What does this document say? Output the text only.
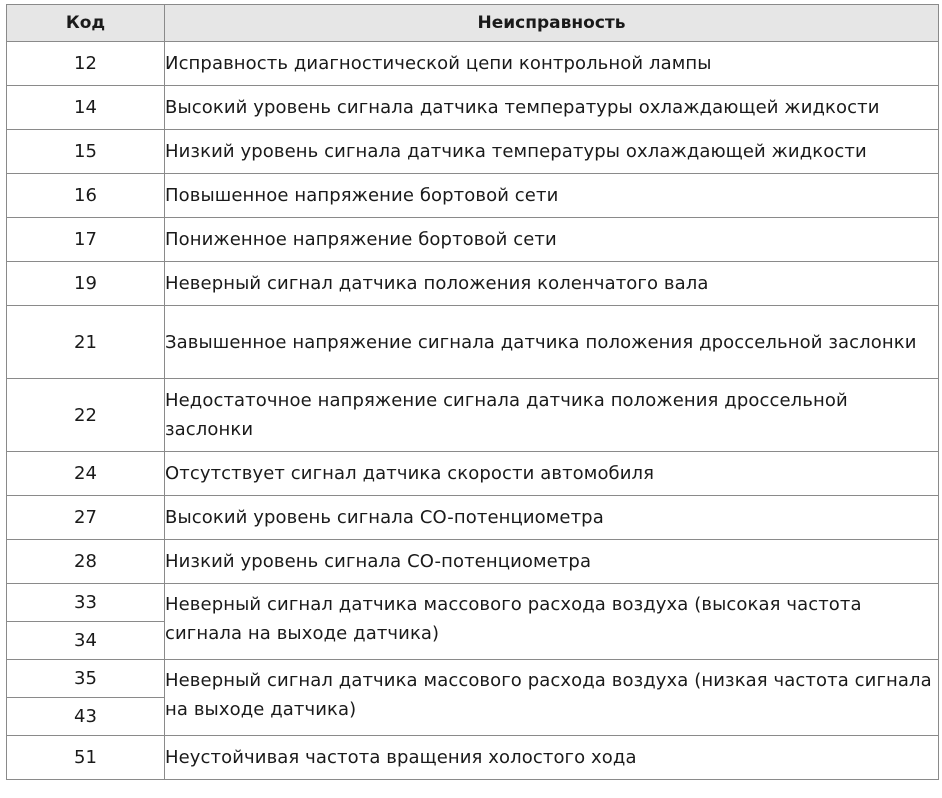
Код	Неисправность
12	Исправность диагностической цепи контрольной лампы
14	Высокий уровень сигнала датчика температуры охлаждающей жидкости
15	Низкий уровень сигнала датчика температуры охлаждающей жидкости
16	Повышенное напряжение бортовой сети
17	Пониженное напряжение бортовой сети
19	Неверный сигнал датчика положения коленчатого вала
21	Завышенное напряжение сигнала датчика положения дроссельной заслонки
22	Недостаточное напряжение сигнала датчика положения дроссельной заслонки
24	Отсутствует сигнал датчика скорости автомобиля
27	Высокий уровень сигнала CO-потенциометра
28	Низкий уровень сигнала CO-потенциометра
33	Неверный сигнал датчика массового расхода воздуха (высокая частота сигнала на выходе датчика)
34	
35	Неверный сигнал датчика массового расхода воздуха (низкая частота сигнала на выходе датчика)
43	
51	Неустойчивая частота вращения холостого хода
